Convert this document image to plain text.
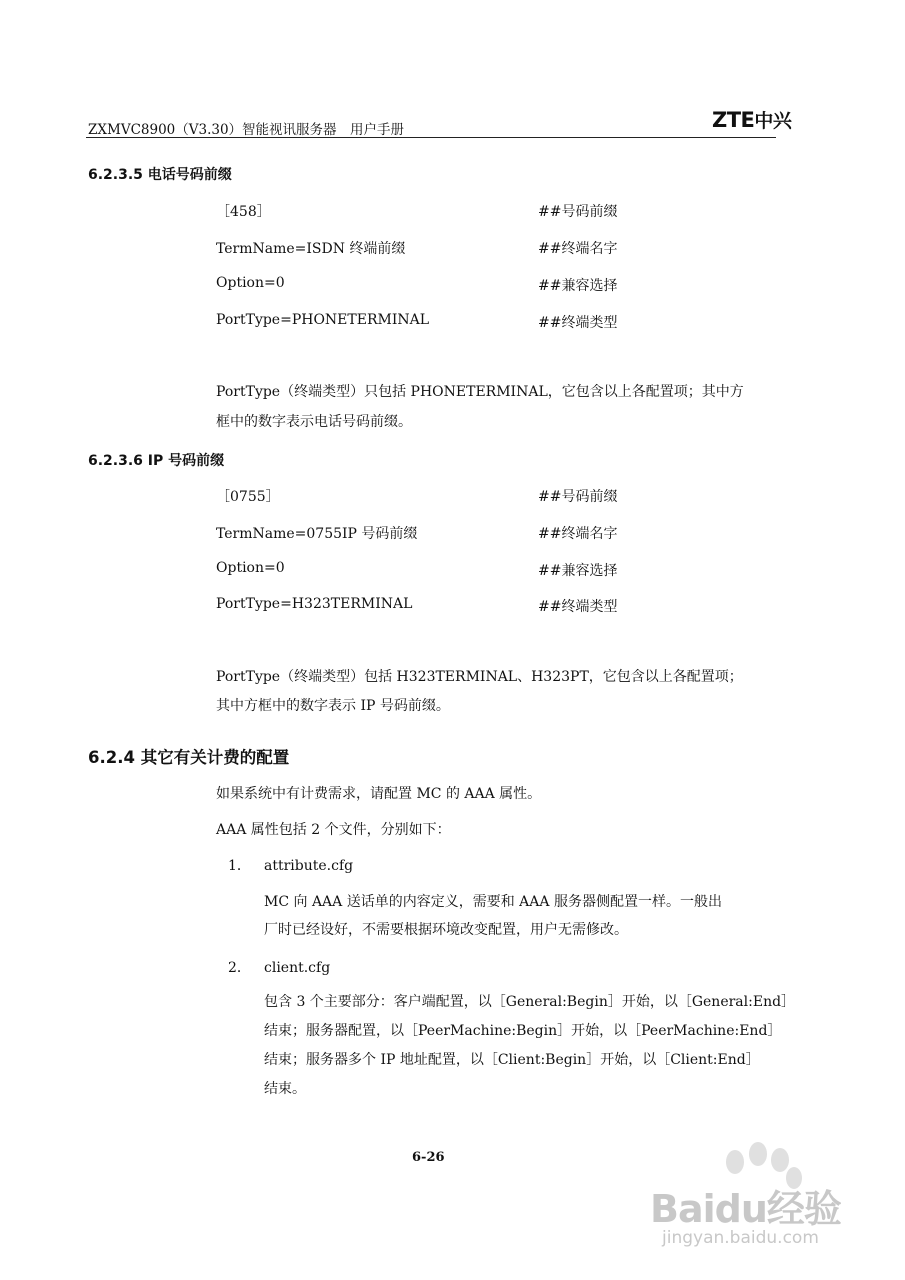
ZXMVC8900（V3.30）智能视讯服务器　用户手册	ZTE中兴
6.2.3.5 电话号码前缀
［458］	##号码前缀
TermName=ISDN 终端前缀	##终端名字
Option=0	##兼容选择
PortType=PHONETERMINAL	##终端类型
PortType（终端类型）只包括 PHONETERMINAL，它包含以上各配置项；其中方
框中的数字表示电话号码前缀。
6.2.3.6 IP 号码前缀
［0755］	##号码前缀
TermName=0755IP 号码前缀	##终端名字
Option=0	##兼容选择
PortType=H323TERMINAL	##终端类型
PortType（终端类型）包括 H323TERMINAL、H323PT，它包含以上各配置项；
其中方框中的数字表示 IP 号码前缀。
6.2.4 其它有关计费的配置
如果系统中有计费需求，请配置 MC 的 AAA 属性。
AAA 属性包括 2 个文件，分别如下：
1． attribute.cfg
MC 向 AAA 送话单的内容定义，需要和 AAA 服务器侧配置一样。一般出
厂时已经设好，不需要根据环境改变配置，用户无需修改。
2． client.cfg
包含 3 个主要部分：客户端配置，以［General:Begin］开始，以［General:End］
结束；服务器配置，以［PeerMachine:Begin］开始，以［PeerMachine:End］
结束；服务器多个 IP 地址配置，以［Client:Begin］开始，以［Client:End］
结束。
6-26
Baidu经验
jingyan.baidu.com
